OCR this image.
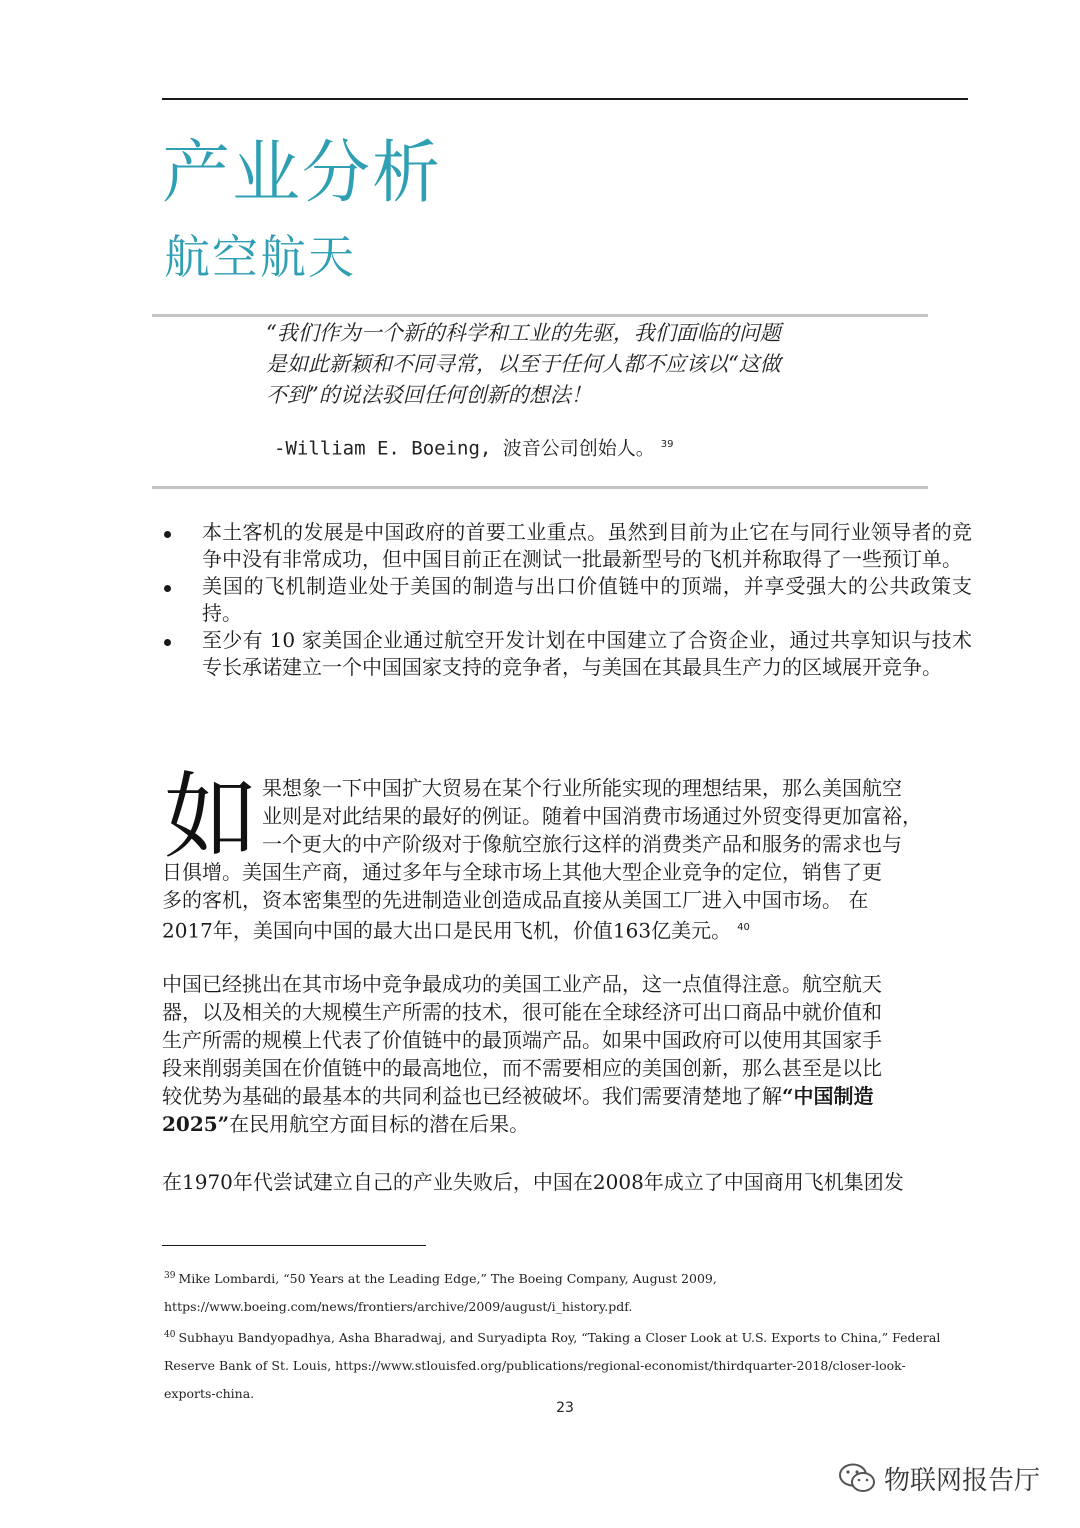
产业分析
航空航天
“我们作为一个新的科学和工业的先驱，我们面临的问题
是如此新颖和不同寻常，以至于任何人都不应该以“这做
不到”的说法驳回任何创新的想法！
-William E. Boeing, 波音公司创始人。 $^{39}$
本土客机的发展是中国政府的首要工业重点。虽然到目前为止它在与同行业领导者的竞争中没有非常成功，但中国目前正在测试一批最新型号的飞机并称取得了一些预订单。
美国的飞机制造业处于美国的制造与出口价值链中的顶端，并享受强大的公共政策支持。
至少有 10 家美国企业通过航空开发计划在中国建立了合资企业，通过共享知识与技术专长承诺建立一个中国国家支持的竞争者，与美国在其最具生产力的区域展开竞争。
如 果想象一下中国扩大贸易在某个行业所能实现的理想结果，那么美国航空
业则是对此结果的最好的例证。随着中国消费市场通过外贸变得更加富裕，
一个更大的中产阶级对于像航空旅行这样的消费类产品和服务的需求也与
日俱增。美国生产商，通过多年与全球市场上其他大型企业竞争的定位，销售了更
多的客机，资本密集型的先进制造业创造成品直接从美国工厂进入中国市场。 在
2017年，美国向中国的最大出口是民用飞机，价值163亿美元。 $^{40}$
中国已经挑出在其市场中竞争最成功的美国工业产品，这一点值得注意。航空航天
器，以及相关的大规模生产所需的技术，很可能在全球经济可出口商品中就价值和
生产所需的规模上代表了价值链中的最顶端产品。如果中国政府可以使用其国家手
段来削弱美国在价值链中的最高地位，而不需要相应的美国创新，那么甚至是以比
较优势为基础的最基本的共同利益也已经被破坏。我们需要清楚地了解“中国制造
2025”在民用航空方面目标的潜在后果。
在1970年代尝试建立自己的产业失败后，中国在2008年成立了中国商用飞机集团发
$^{39}$ Mike Lombardi, “50 Years at the Leading Edge,” The Boeing Company, August 2009,
https://www.boeing.com/news/frontiers/archive/2009/august/i_history.pdf.
$^{40}$ Subhayu Bandyopadhya, Asha Bharadwaj, and Suryadipta Roy, “Taking a Closer Look at U.S. Exports to China,” Federal
Reserve Bank of St. Louis, https://www.stlouisfed.org/publications/regional-economist/thirdquarter-2018/closer-look-
exports-china.
23
物联网报告厅
